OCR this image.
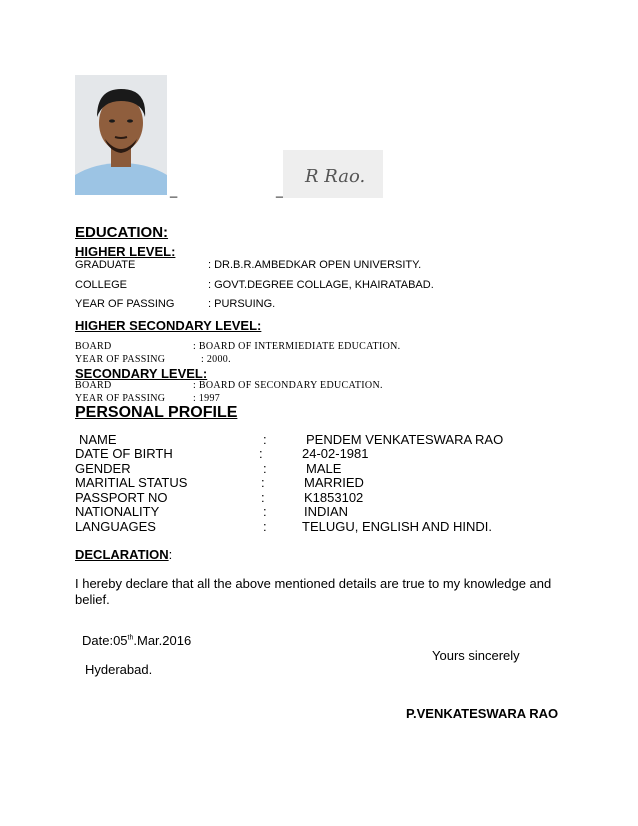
_	_
R Rao.
EDUCATION:
HIGHER LEVEL:
GRADUATE	: DR.B.R.AMBEDKAR OPEN UNIVERSITY.
COLLEGE	: GOVT.DEGREE COLLAGE, KHAIRATABAD.
YEAR OF PASSING	: PURSUING.
HIGHER SECONDARY LEVEL:
BOARD	: BOARD OF INTERMIEDIATE EDUCATION.
YEAR OF PASSING	: 2000.
SECONDARY LEVEL:
BOARD	: BOARD OF SECONDARY EDUCATION.
YEAR OF PASSING	: 1997
PERSONAL PROFILE
NAME	:	PENDEM VENKATESWARA RAO
DATE OF BIRTH	:	24-02-1981
GENDER	:	MALE
MARITIAL STATUS	:	MARRIED
PASSPORT NO	:	K1853102
NATIONALITY	:	INDIAN
LANGUAGES	:	TELUGU, ENGLISH AND HINDI.
DECLARATION:
I hereby declare that all the above mentioned details are true to my knowledge and
belief.
Date:05th.Mar.2016
Yours sincerely
Hyderabad.
P.VENKATESWARA RAO
